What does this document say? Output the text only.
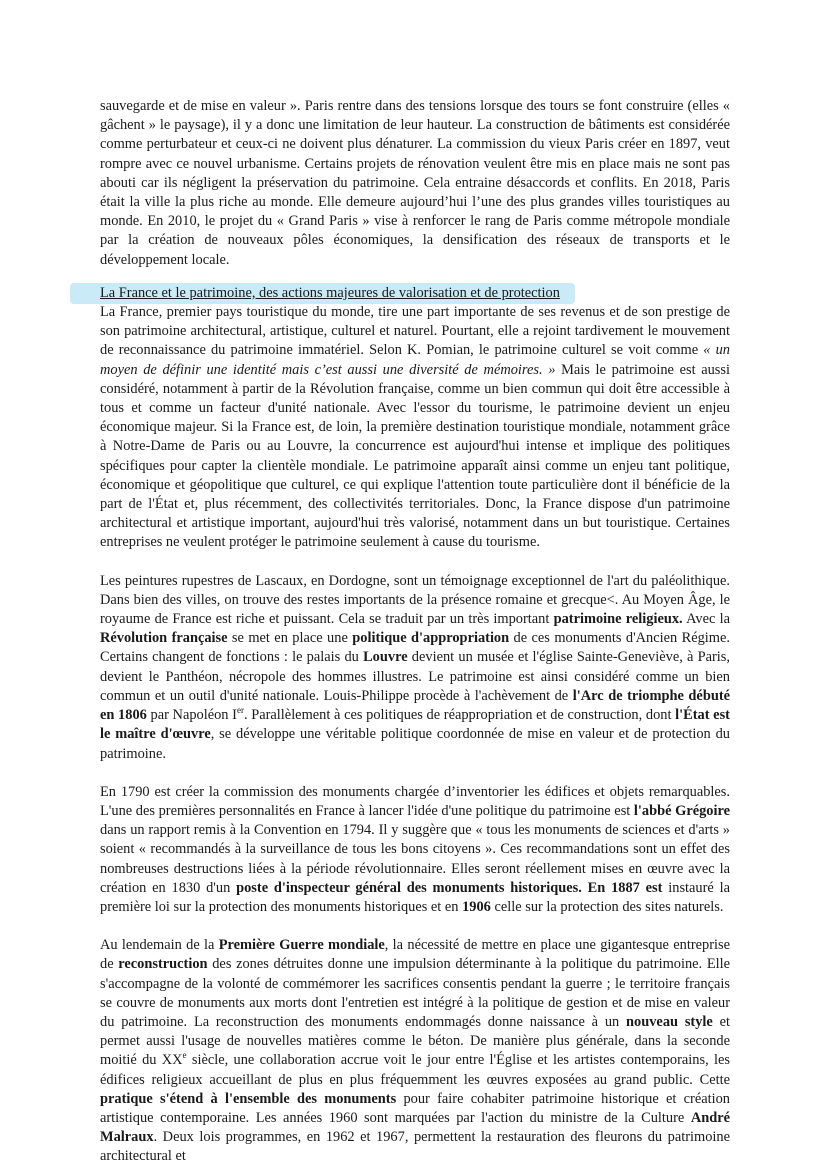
sauvegarde et de mise en valeur ». Paris rentre dans des tensions lorsque des tours se font construire (elles « gâchent » le paysage), il y a donc une limitation de leur hauteur. La construction de bâtiments est considérée comme perturbateur et ceux-ci ne doivent plus dénaturer. La commission du vieux Paris créer en 1897, veut rompre avec ce nouvel urbanisme. Certains projets de rénovation veulent être mis en place mais ne sont pas abouti car ils négligent la préservation du patrimoine. Cela entraine désaccords et conflits. En 2018, Paris était la ville la plus riche au monde. Elle demeure aujourd’hui l’une des plus grandes villes touristiques au monde. En 2010, le projet du « Grand Paris » vise à renforcer le rang de Paris comme métropole mondiale par la création de nouveaux pôles économiques, la densification des réseaux de transports et le développement locale.

La France et le patrimoine, des actions majeures de valorisation et de protection

La France, premier pays touristique du monde, tire une part importante de ses revenus et de son prestige de son patrimoine architectural, artistique, culturel et naturel. Pourtant, elle a rejoint tardivement le mouvement de reconnaissance du patrimoine immatériel. Selon K. Pomian, le patrimoine culturel se voit comme « un moyen de définir une identité mais c’est aussi une diversité de mémoires. » Mais le patrimoine est aussi considéré, notamment à partir de la Révolution française, comme un bien commun qui doit être accessible à tous et comme un facteur d'unité nationale. Avec l'essor du tourisme, le patrimoine devient un enjeu économique majeur. Si la France est, de loin, la première destination touristique mondiale, notamment grâce à Notre-Dame de Paris ou au Louvre, la concurrence est aujourd'hui intense et implique des politiques spécifiques pour capter la clientèle mondiale. Le patrimoine apparaît ainsi comme un enjeu tant politique, économique et géopolitique que culturel, ce qui explique l'attention toute particulière dont il bénéficie de la part de l'État et, plus récemment, des collectivités territoriales. Donc, la France dispose d'un patrimoine architectural et artistique important, aujourd'hui très valorisé, notamment dans un but touristique. Certaines entreprises ne veulent protéger le patrimoine seulement à cause du tourisme.

Les peintures rupestres de Lascaux, en Dordogne, sont un témoignage exceptionnel de l'art du paléolithique. Dans bien des villes, on trouve des restes importants de la présence romaine et grecque<. Au Moyen Âge, le royaume de France est riche et puissant. Cela se traduit par un très important patrimoine religieux. Avec la Révolution française se met en place une politique d'appropriation de ces monuments d'Ancien Régime. Certains changent de fonctions : le palais du Louvre devient un musée et l'église Sainte-Geneviève, à Paris, devient le Panthéon, nécropole des hommes illustres. Le patrimoine est ainsi considéré comme un bien commun et un outil d'unité nationale. Louis-Philippe procède à l'achèvement de l'Arc de triomphe débuté en 1806 par Napoléon Ier. Parallèlement à ces politiques de réappropriation et de construction, dont l'État est le maître d'œuvre, se développe une véritable politique coordonnée de mise en valeur et de protection du patrimoine.

En 1790 est créer la commission des monuments chargée d’inventorier les édifices et objets remarquables. L'une des premières personnalités en France à lancer l'idée d'une politique du patrimoine est l'abbé Grégoire dans un rapport remis à la Convention en 1794. Il y suggère que « tous les monuments de sciences et d'arts » soient « recommandés à la surveillance de tous les bons citoyens ». Ces recommandations sont un effet des nombreuses destructions liées à la période révolutionnaire. Elles seront réellement mises en œuvre avec la création en 1830 d'un poste d'inspecteur général des monuments historiques. En 1887 est instauré la première loi sur la protection des monuments historiques et en 1906 celle sur la protection des sites naturels.

Au lendemain de la Première Guerre mondiale, la nécessité de mettre en place une gigantesque entreprise de reconstruction des zones détruites donne une impulsion déterminante à la politique du patrimoine. Elle s'accompagne de la volonté de commémorer les sacrifices consentis pendant la guerre ; le territoire français se couvre de monuments aux morts dont l'entretien est intégré à la politique de gestion et de mise en valeur du patrimoine. La reconstruction des monuments endommagés donne naissance à un nouveau style et permet aussi l'usage de nouvelles matières comme le béton. De manière plus générale, dans la seconde moitié du XXe siècle, une collaboration accrue voit le jour entre l'Église et les artistes contemporains, les édifices religieux accueillant de plus en plus fréquemment les œuvres exposées au grand public. Cette pratique s'étend à l'ensemble des monuments pour faire cohabiter patrimoine historique et création artistique contemporaine. Les années 1960 sont marquées par l'action du ministre de la Culture André Malraux. Deux lois programmes, en 1962 et 1967, permettent la restauration des fleurons du patrimoine architectural et
